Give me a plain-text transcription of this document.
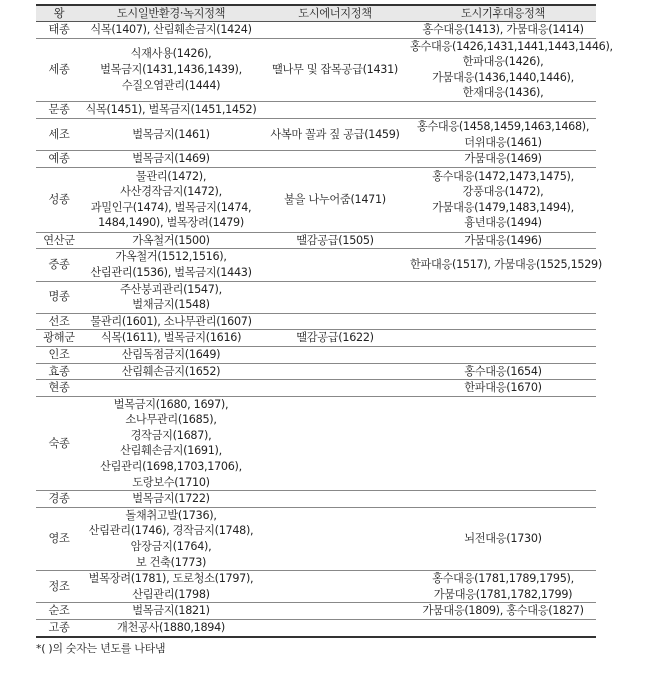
왕	도시일반환경·녹지정책	도시에너지정책	도시기후대응정책
태종	식목(1407), 산림훼손금지(1424)		홍수대응(1413), 가뭄대응(1414)

세종	식재사용(1426),
벌목금지(1431,1436,1439),
수질오염관리(1444)	땔나무 및 잡목공급(1431)	홍수대응(1426,1431,1441,1443,1446),
한파대응(1426),
가뭄대응(1436,1440,1446),
한재대응(1436),

문종	식목(1451), 벌목금지(1451,1452)		

세조	벌목금지(1461)	사복마 꼴과 짚 공급(1459)	홍수대응(1458,1459,1463,1468),
더위대응(1461)

예종	벌목금지(1469)		가뭄대응(1469)

성종	물관리(1472),
사산경작금지(1472),
과밀인구(1474), 벌목금지(1474,
1484,1490), 벌목장려(1479)	불을 나누어줌(1471)	홍수대응(1472,1473,1475),
강풍대응(1472),
가뭄대응(1479,1483,1494),
흉년대응(1494)

연산군	가옥철거(1500)	땔감공급(1505)	가뭄대응(1496)

중종	가옥철거(1512,1516),
산림관리(1536), 벌목금지(1443)		한파대응(1517), 가뭄대응(1525,1529)

명종	주산붕괴관리(1547),
벌채금지(1548)		

선조	물관리(1601), 소나무관리(1607)		

광해군	식목(1611), 벌목금지(1616)	땔감공급(1622)	

인조	산림독점금지(1649)		

효종	산림훼손금지(1652)		홍수대응(1654)

현종			한파대응(1670)

숙종	
벌목금지(1680, 1697),
소나무관리(1685),
경작금지(1687),
산림훼손금지(1691),
산림관리(1698,1703,1706),
도랑보수(1710)

경종	벌목금지(1722)		

영조	돌채취고발(1736),
산림관리(1746), 경작금지(1748),
암장금지(1764),
보 건축(1773)		뇌전대응(1730)

정조	벌목장려(1781), 도로청소(1797),
산림관리(1798)		홍수대응(1781,1789,1795),
가뭄대응(1781,1782,1799)

순조	벌목금지(1821)		가뭄대응(1809), 홍수대응(1827)

고종	개천공사(1880,1894)		

*( )의 숫자는 년도를 나타냄
